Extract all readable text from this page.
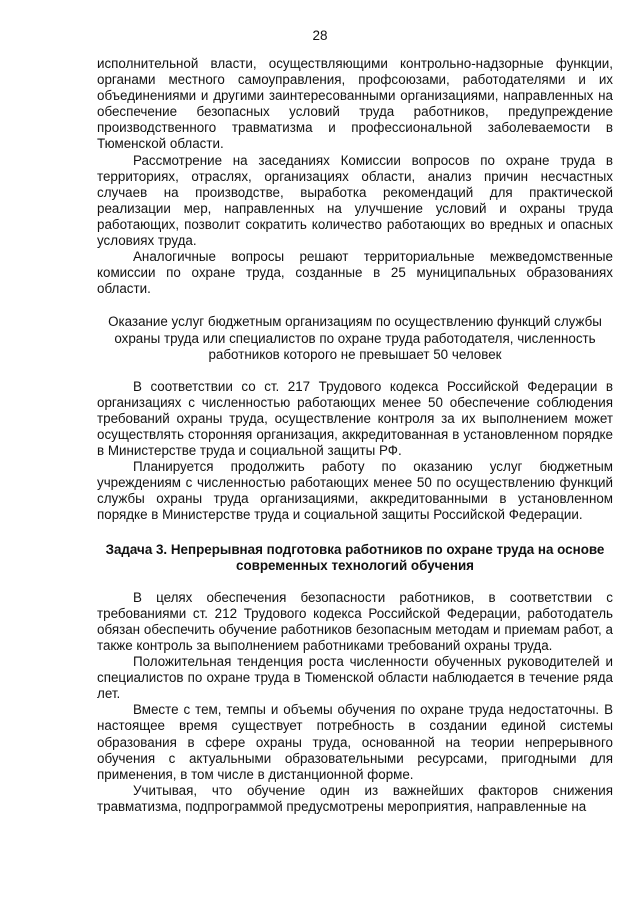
28

исполнительной власти, осуществляющими контрольно-надзорные функции, органами местного самоуправления, профсоюзами, работодателями и их объединениями и другими заинтересованными организациями, направленных на обеспечение безопасных условий труда работников, предупреждение производственного травматизма и профессиональной заболеваемости в Тюменской области.

Рассмотрение на заседаниях Комиссии вопросов по охране труда в территориях, отраслях, организациях области, анализ причин несчастных случаев на производстве, выработка рекомендаций для практической реализации мер, направленных на улучшение условий и охраны труда работающих, позволит сократить количество работающих во вредных и опасных условиях труда.

Аналогичные вопросы решают территориальные межведомственные комиссии по охране труда, созданные в 25 муниципальных образованиях области.

Оказание услуг бюджетным организациям по осуществлению функций службы охраны труда или специалистов по охране труда работодателя, численность работников которого не превышает 50 человек

В соответствии со ст. 217 Трудового кодекса Российской Федерации в организациях с численностью работающих менее 50 обеспечение соблюдения требований охраны труда, осуществление контроля за их выполнением может осуществлять сторонняя организация, аккредитованная в установленном порядке в Министерстве труда и социальной защиты РФ.

Планируется продолжить работу по оказанию услуг бюджетным учреждениям с численностью работающих менее 50 по осуществлению функций службы охраны труда организациями, аккредитованными в установленном порядке в Министерстве труда и социальной защиты Российской Федерации.

Задача 3. Непрерывная подготовка работников по охране труда на основе современных технологий обучения

В целях обеспечения безопасности работников, в соответствии с требованиями ст. 212 Трудового кодекса Российской Федерации, работодатель обязан обеспечить обучение работников безопасным методам и приемам работ, а также контроль за выполнением работниками требований охраны труда.

Положительная тенденция роста численности обученных руководителей и специалистов по охране труда в Тюменской области наблюдается в течение ряда лет.

Вместе с тем, темпы и объемы обучения по охране труда недостаточны. В настоящее время существует потребность в создании единой системы образования в сфере охраны труда, основанной на теории непрерывного обучения с актуальными образовательными ресурсами, пригодными для применения, в том числе в дистанционной форме.

Учитывая, что обучение один из важнейших факторов снижения травматизма, подпрограммой предусмотрены мероприятия, направленные на
